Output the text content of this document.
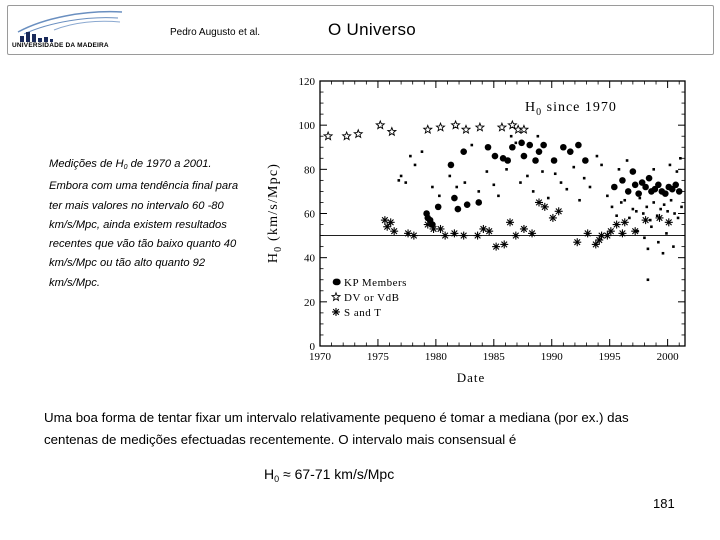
UNIVERSIDADE DA MADEIRA
Pedro Augusto et al.	O Universo
Medições de $H_0$ de 1970 a 2001. Embora com uma tendência final para ter mais valores no intervalo 60 -80 km/s/Mpc, ainda existem resultados recentes que vão tão baixo quanto 40 km/s/Mpc ou tão alto quanto 92 km/s/Mpc.
1970	1975	1980	1985	1990	1995	2000
0
20
40
60
80
100
120
$H_0$ since 1970
Date
$H_0$ (km/s/Mpc)
KP Members
DV or VdB
S and T
Uma boa forma de tentar fixar um intervalo relativamente pequeno é tomar a mediana (por ex.) das centenas de medições efectuadas recentemente. O intervalo mais consensual é
$H_0 \approx 67-71$ km/s/Mpc
181
